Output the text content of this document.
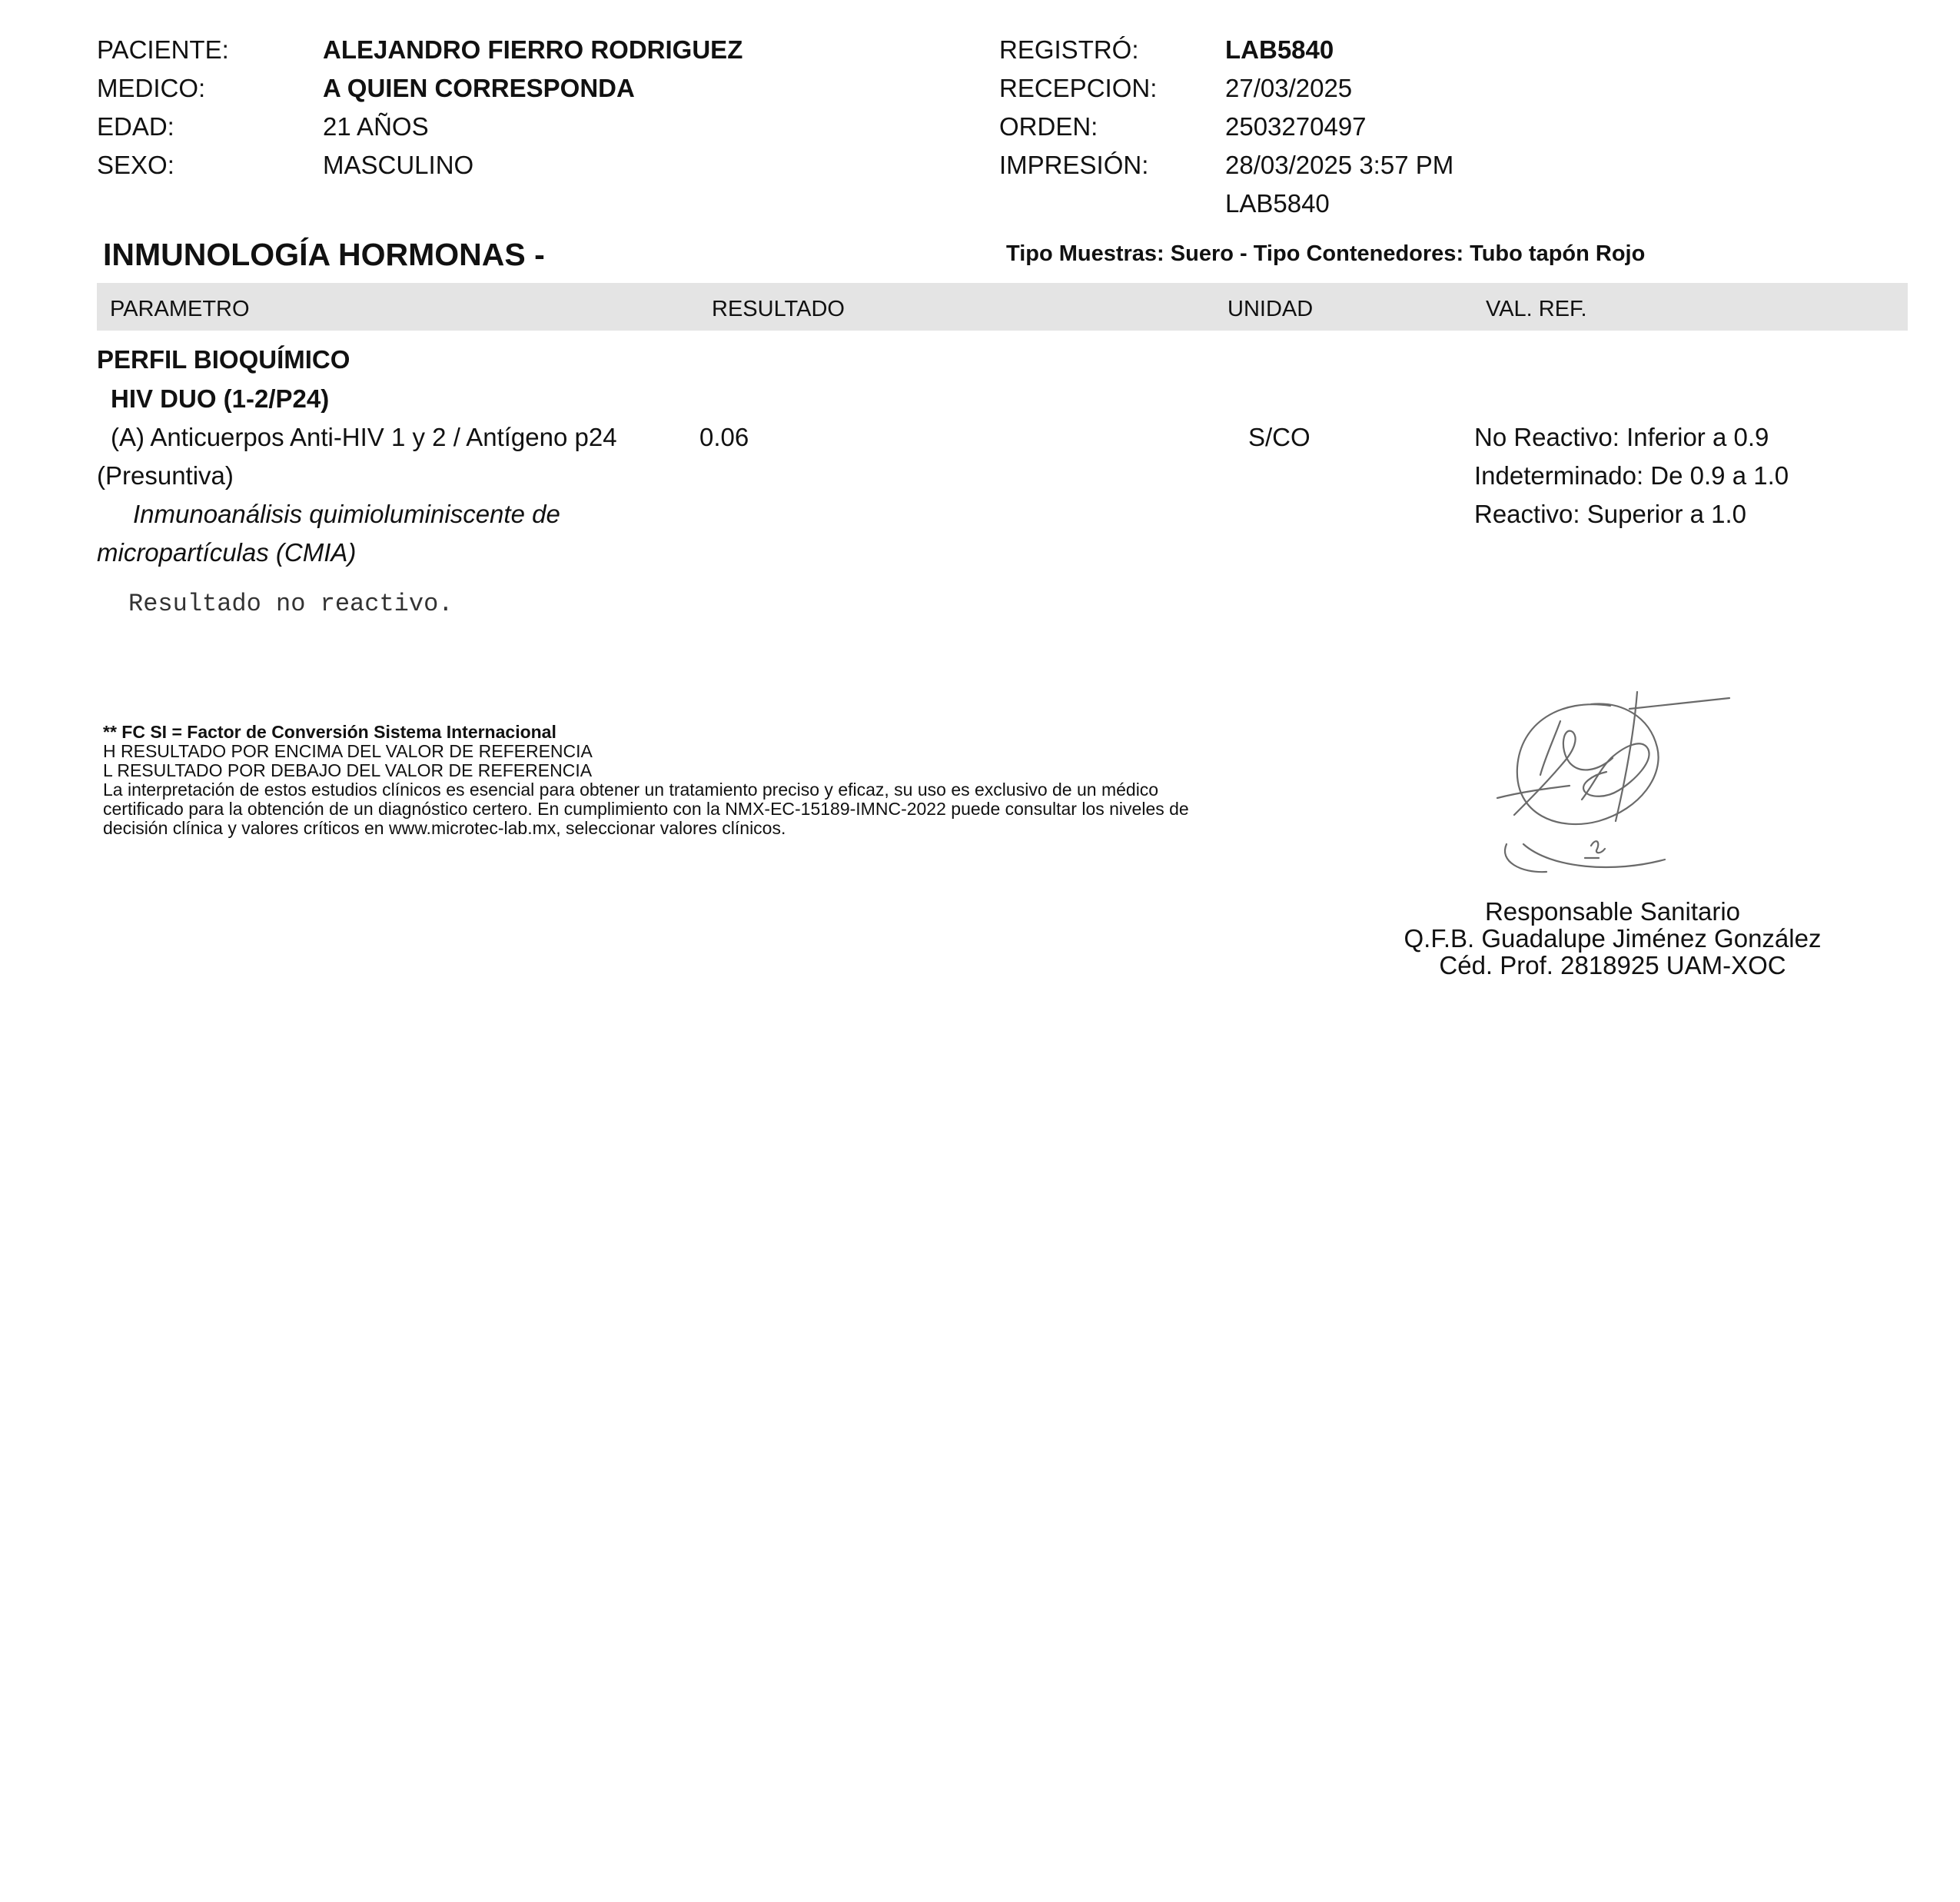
PACIENTE:	ALEJANDRO FIERRO RODRIGUEZ
MEDICO:	A QUIEN CORRESPONDA
EDAD:	21 AÑOS
SEXO:	MASCULINO
REGISTRÓ:	LAB5840
RECEPCION:	27/03/2025
ORDEN:	2503270497
IMPRESIÓN:	28/03/2025 3:57 PM
LAB5840
INMUNOLOGÍA HORMONAS -	Tipo Muestras: Suero - Tipo Contenedores: Tubo tapón Rojo
PARAMETRO	RESULTADO	UNIDAD	VAL. REF.
PERFIL BIOQUÍMICO
HIV DUO (1-2/P24)
(A) Anticuerpos Anti-HIV 1 y 2 / Antígeno p24
(Presuntiva)
Inmunoanálisis quimioluminiscente de
micropartículas (CMIA)
0.06	S/CO	No Reactivo: Inferior a 0.9
Indeterminado: De 0.9 a 1.0
Reactivo: Superior a 1.0
Resultado no reactivo.
** FC SI = Factor de Conversión Sistema Internacional
H RESULTADO POR ENCIMA DEL VALOR DE REFERENCIA
L RESULTADO POR DEBAJO DEL VALOR DE REFERENCIA
La interpretación de estos estudios clínicos es esencial para obtener un tratamiento preciso y eficaz, su uso es exclusivo de un médico
certificado para la obtención de un diagnóstico certero. En cumplimiento con la NMX-EC-15189-IMNC-2022 puede consultar los niveles de
decisión clínica y valores críticos en www.microtec-lab.mx, seleccionar valores clínicos.
Responsable Sanitario
Q.F.B. Guadalupe Jiménez González
Céd. Prof. 2818925 UAM-XOC
